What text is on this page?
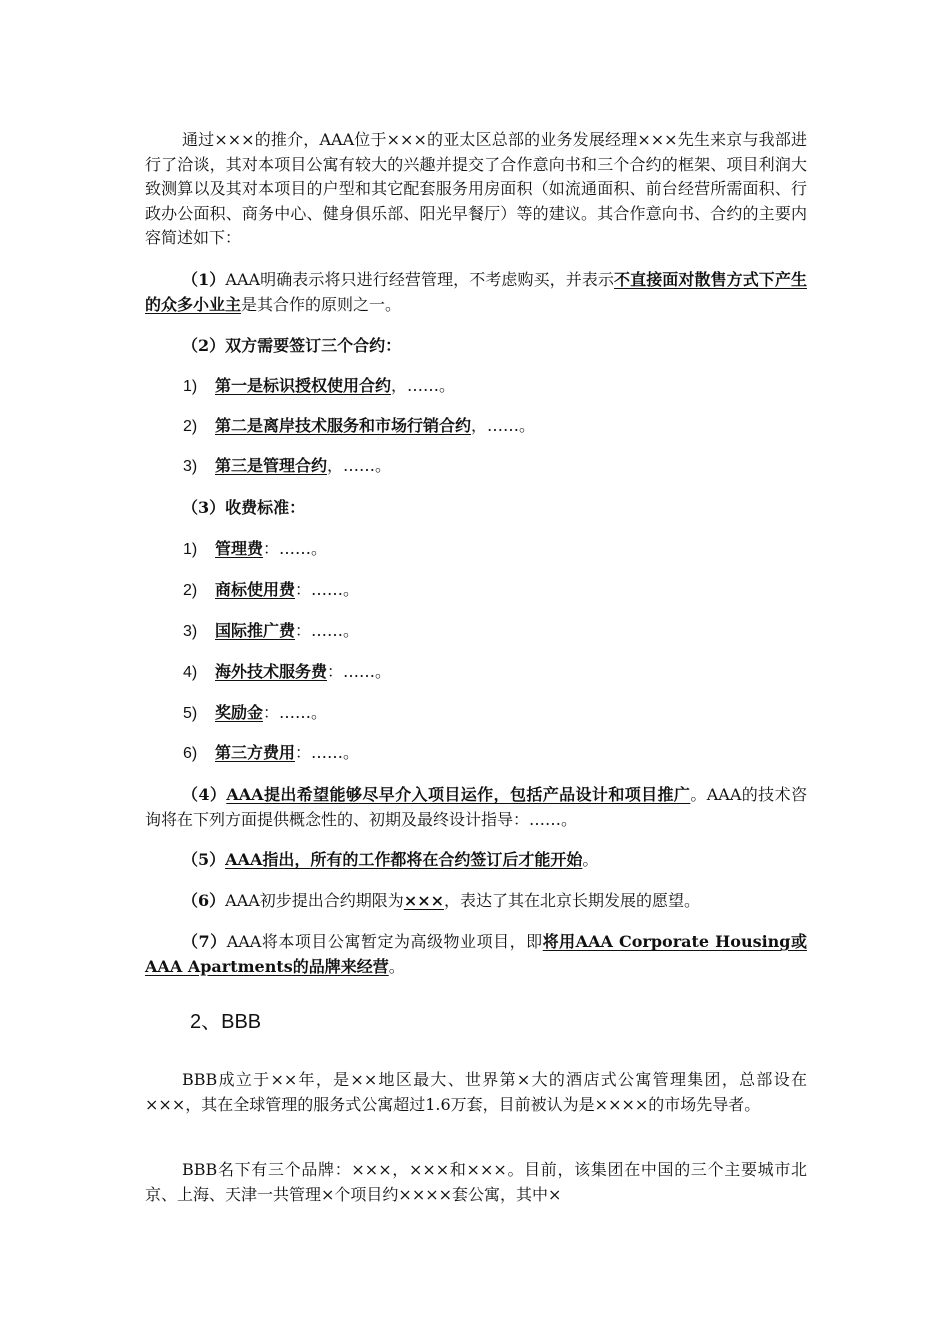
通过×××的推介，AAA位于×××的亚太区总部的业务发展经理×××先生来京与我部进行了洽谈，其对本项目公寓有较大的兴趣并提交了合作意向书和三个合约的框架、项目利润大致测算以及其对本项目的户型和其它配套服务用房面积（如流通面积、前台经营所需面积、行政办公面积、商务中心、健身俱乐部、阳光早餐厅）等的建议。其合作意向书、合约的主要内容简述如下：
（1）AAA明确表示将只进行经营管理，不考虑购买，并表示不直接面对散售方式下产生的众多小业主是其合作的原则之一。
（2）双方需要签订三个合约：
1) 第一是标识授权使用合约，……。
2) 第二是离岸技术服务和市场行销合约，……。
3) 第三是管理合约，……。
（3）收费标准：
1) 管理费：……。
2) 商标使用费：……。
3) 国际推广费：……。
4) 海外技术服务费：……。
5) 奖励金：……。
6) 第三方费用：……。
（4）AAA提出希望能够尽早介入项目运作，包括产品设计和项目推广。AAA的技术咨询将在下列方面提供概念性的、初期及最终设计指导：……。
（5）AAA指出，所有的工作都将在合约签订后才能开始。
（6）AAA初步提出合约期限为×××，表达了其在北京长期发展的愿望。
（7）AAA将本项目公寓暂定为高级物业项目，即将用AAA Corporate Housing或AAA Apartments的品牌来经营。
2、BBB
BBB成立于××年，是××地区最大、世界第×大的酒店式公寓管理集团，总部设在×××，其在全球管理的服务式公寓超过1.6万套，目前被认为是××××的市场先导者。
BBB名下有三个品牌：×××，×××和×××。目前，该集团在中国的三个主要城市北京、上海、天津一共管理×个项目约××××套公寓，其中×
